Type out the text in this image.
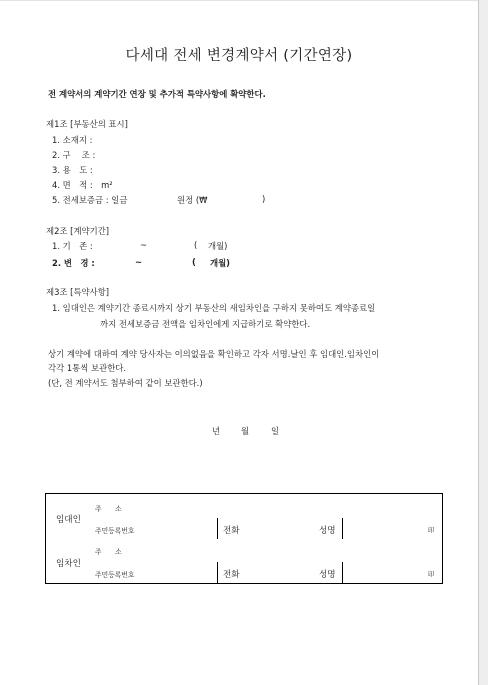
다세대 전세 변경계약서 (기간연장)
전 계약서의 계약기간 연장 및 추가적 특약사항에 확약한다.
제1조 [부동산의 표시]
1. 소재지 :
2. 구　 조 :
3. 용　도 :
4. 면　적 :　m²
5. 전세보증금 : 일금	원정 (₩	)
제2조 [계약기간]
1. 기　존 :	~	( 개월)
2. 변　경 :	~	( 개월)
제3조 [특약사항]
1. 임대인은 계약기간 종료시까지 상기 부동산의 새임차인을 구하지 못하여도 계약종료일
까지 전세보증금 전액을 임차인에게 지급하기로 확약한다.
상기 계약에 대하여 계약 당사자는 이의없음을 확인하고 각자 서명.날인 후 임대인.임차인이
각각 1통씩 보관한다.
(단, 전 계약서도 첨부하여 같이 보관한다.)
년 월	일
임대인
주　　소
주민등록번호	전화	성명	印
임차인
주　　소
주민등록번호	전화	성명	印
